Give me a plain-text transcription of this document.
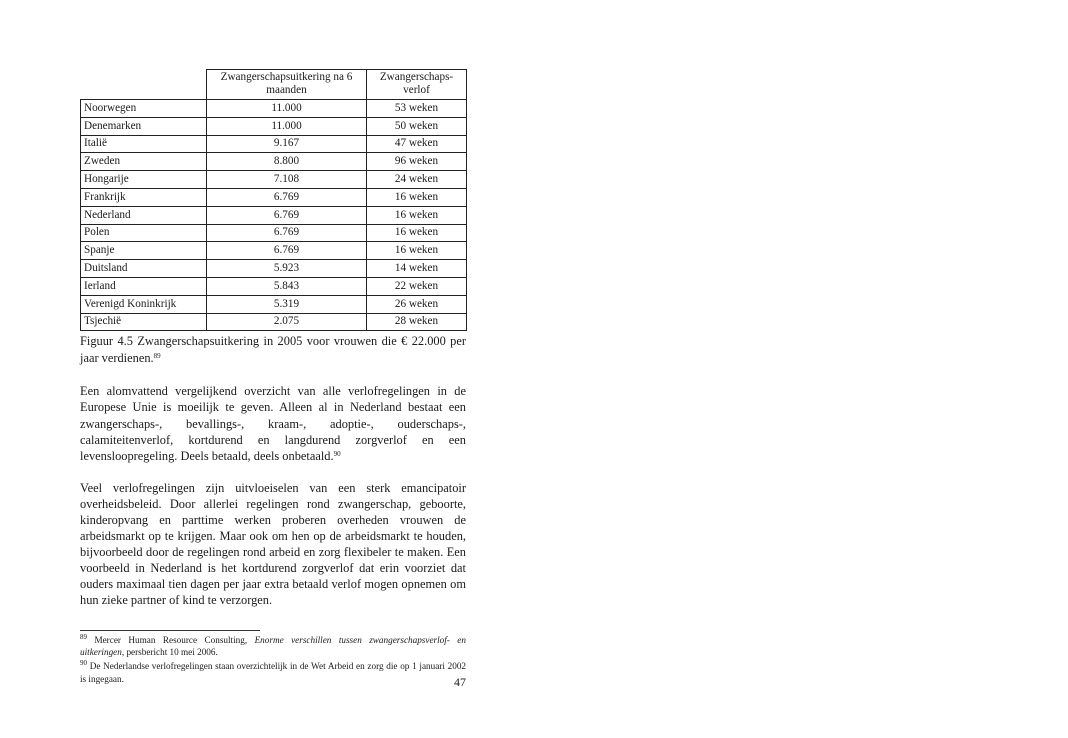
	Zwangerschapsuitkering na 6 maanden	Zwangerschaps- verlof
Noorwegen	11.000	53 weken
Denemarken	11.000	50 weken
Italië	9.167	47 weken
Zweden	8.800	96 weken
Hongarije	7.108	24 weken
Frankrijk	6.769	16 weken
Nederland	6.769	16 weken
Polen	6.769	16 weken
Spanje	6.769	16 weken
Duitsland	5.923	14 weken
Ierland	5.843	22 weken
Verenigd Koninkrijk	5.319	26 weken
Tsjechië	2.075	28 weken
Figuur 4.5 Zwangerschapsuitkering in 2005 voor vrouwen die € 22.000 per jaar verdienen.$^{89}$
Een alomvattend vergelijkend overzicht van alle verlofregelingen in de Europese Unie is moeilijk te geven. Alleen al in Nederland bestaat een zwangerschaps-, bevallings-, kraam-, adoptie-, ouderschaps-, calamiteitenverlof, kortdurend en langdurend zorgverlof en een levensloopregeling. Deels betaald, deels onbetaald.$^{90}$
Veel verlofregelingen zijn uitvloeiselen van een sterk emancipatoir overheidsbeleid. Door allerlei regelingen rond zwangerschap, geboorte, kinderopvang en parttime werken proberen overheden vrouwen de arbeidsmarkt op te krijgen. Maar ook om hen op de arbeidsmarkt te houden, bijvoorbeeld door de regelingen rond arbeid en zorg flexibeler te maken. Een voorbeeld in Nederland is het kortdurend zorgverlof dat erin voorziet dat ouders maximaal tien dagen per jaar extra betaald verlof mogen opnemen om hun zieke partner of kind te verzorgen.
$^{89}$ Mercer Human Resource Consulting, Enorme verschillen tussen zwangerschapsverlof- en uitkeringen, persbericht 10 mei 2006.
$^{90}$ De Nederlandse verlofregelingen staan overzichtelijk in de Wet Arbeid en zorg die op 1 januari 2002 is ingegaan.	47
